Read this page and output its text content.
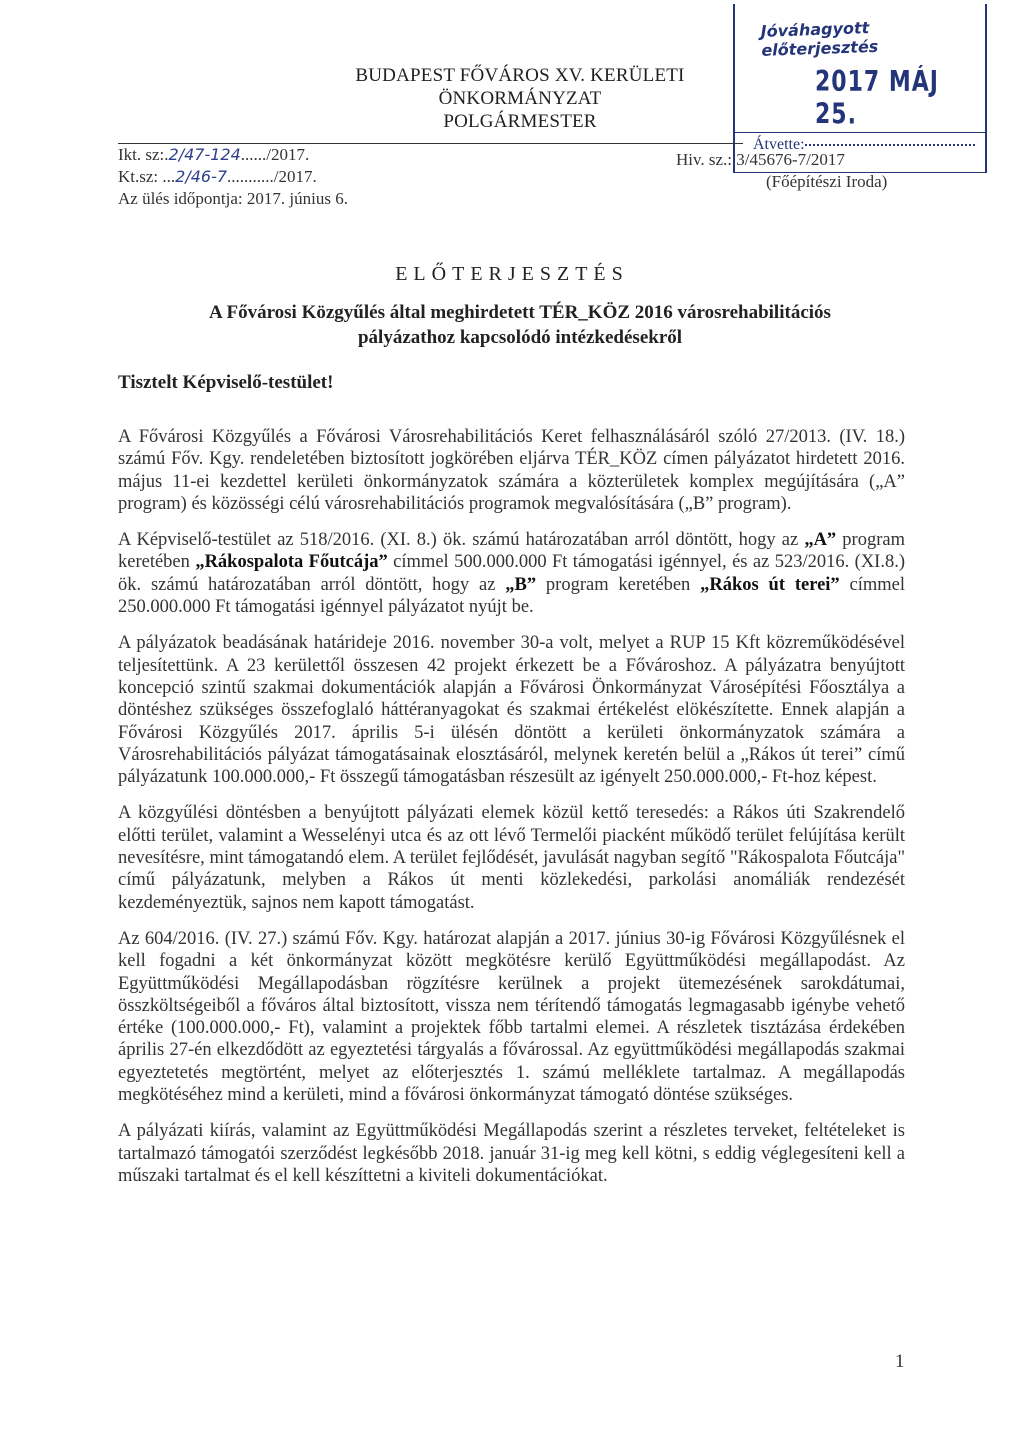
Jóváhagyott előterjesztés
2017 MÁJ 25.
Átvette:
BUDAPEST FŐVÁROS XV. KERÜLETI
ÖNKORMÁNYZAT
POLGÁRMESTER
Ikt. sz:.2/47-124....../2017.
Kt.sz: ...2/46-7.........../2017.
Az ülés időpontja: 2017. június 6.
Hiv. sz.: 3/45676-7/2017
(Főépítészi Iroda)
ELŐTERJESZTÉS
A Fővárosi Közgyűlés által meghirdetett TÉR_KÖZ 2016 városrehabilitációs pályázathoz kapcsolódó intézkedésekről
Tisztelt Képviselő-testület!

A Fővárosi Közgyűlés a Fővárosi Városrehabilitációs Keret felhasználásáról szóló 27/2013. (IV. 18.) számú Főv. Kgy. rendeletében biztosított jogkörében eljárva TÉR_KÖZ címen pályázatot hirdetett 2016. május 11-ei kezdettel kerületi önkormányzatok számára a közterületek komplex megújítására („A” program) és közösségi célú városrehabilitációs programok megvalósítására („B” program).

A Képviselő-testület az 518/2016. (XI. 8.) ök. számú határozatában arról döntött, hogy az „A” program keretében „Rákospalota Főutcája” címmel 500.000.000 Ft támogatási igénnyel, és az 523/2016. (XI.8.) ök. számú határozatában arról döntött, hogy az „B” program keretében „Rákos út terei” címmel 250.000.000 Ft támogatási igénnyel pályázatot nyújt be.

A pályázatok beadásának határideje 2016. november 30-a volt, melyet a RUP 15 Kft közreműködésével teljesítettünk. A 23 kerülettől összesen 42 projekt érkezett be a Fővároshoz. A pályázatra benyújtott koncepció szintű szakmai dokumentációk alapján a Fővárosi Önkormányzat Városépítési Főosztálya a döntéshez szükséges összefoglaló háttéranyagokat és szakmai értékelést elökészítette. Ennek alapján a Fővárosi Közgyűlés 2017. április 5-i ülésén döntött a kerületi önkormányzatok számára a Városrehabilitációs pályázat támogatásainak elosztásáról, melynek keretén belül a „Rákos út terei” című pályázatunk 100.000.000,- Ft összegű támogatásban részesült az igényelt 250.000.000,- Ft-hoz képest.

A közgyűlési döntésben a benyújtott pályázati elemek közül kettő teresedés: a Rákos úti Szakrendelő előtti terület, valamint a Wesselényi utca és az ott lévő Termelői piacként működő terület felújítása került nevesítésre, mint támogatandó elem. A terület fejlődését, javulását nagyban segítő "Rákospalota Főutcája" című pályázatunk, melyben a Rákos út menti közlekedési, parkolási anomáliák rendezését kezdeményeztük, sajnos nem kapott támogatást.

Az 604/2016. (IV. 27.) számú Főv. Kgy. határozat alapján a 2017. június 30-ig Fővárosi Közgyűlésnek el kell fogadni a két önkormányzat között megkötésre kerülő Együttműködési megállapodást. Az Együttműködési Megállapodásban rögzítésre kerülnek a projekt ütemezésének sarokdátumai, összköltségeiből a főváros által biztosított, vissza nem térítendő támogatás legmagasabb igénybe vehető értéke (100.000.000,- Ft), valamint a projektek főbb tartalmi elemei. A részletek tisztázása érdekében április 27-én elkezdődött az egyeztetési tárgyalás a fővárossal. Az együttműködési megállapodás szakmai egyeztetetés megtörtént, melyet az előterjesztés 1. számú melléklete tartalmaz. A megállapodás megkötéséhez mind a kerületi, mind a fővárosi önkormányzat támogató döntése szükséges.

A pályázati kiírás, valamint az Együttműködési Megállapodás szerint a részletes terveket, feltételeket is tartalmazó támogatói szerződést legkésőbb 2018. január 31-ig meg kell kötni, s eddig véglegesíteni kell a műszaki tartalmat és el kell készíttetni a kiviteli dokumentációkat.

1
